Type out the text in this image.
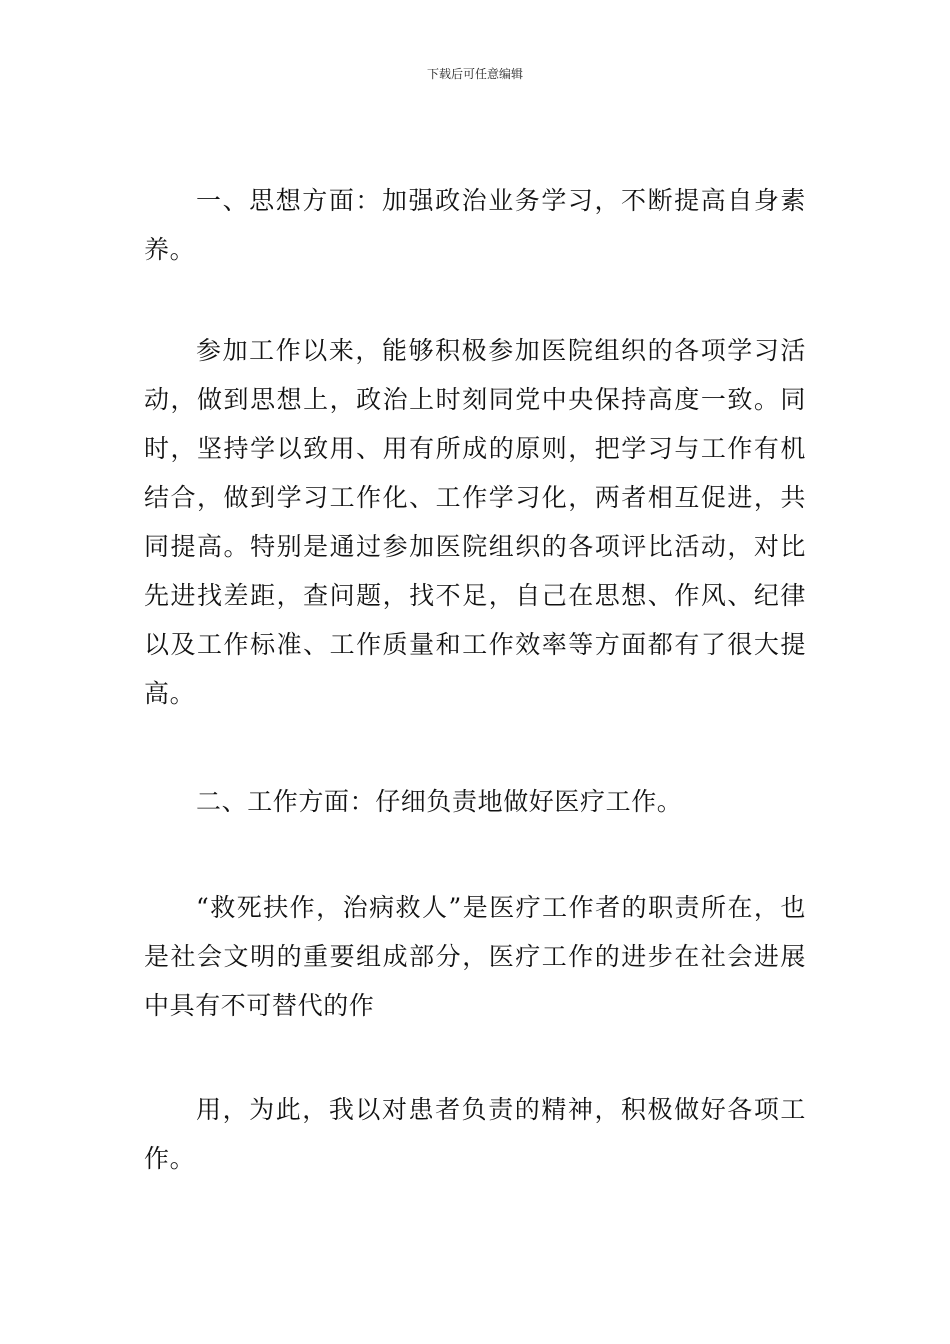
下载后可任意编辑

一、思想方面：加强政治业务学习，不断提高自身素养。

参加工作以来，能够积极参加医院组织的各项学习活动，做到思想上，政治上时刻同党中央保持高度一致。同时，坚持学以致用、用有所成的原则，把学习与工作有机结合，做到学习工作化、工作学习化，两者相互促进，共同提高。特别是通过参加医院组织的各项评比活动，对比先进找差距，查问题，找不足，自己在思想、作风、纪律以及工作标准、工作质量和工作效率等方面都有了很大提高。

二、工作方面：仔细负责地做好医疗工作。

“救死扶作，治病救人”是医疗工作者的职责所在，也是社会文明的重要组成部分，医疗工作的进步在社会进展中具有不可替代的作

用，为此，我以对患者负责的精神，积极做好各项工作。
